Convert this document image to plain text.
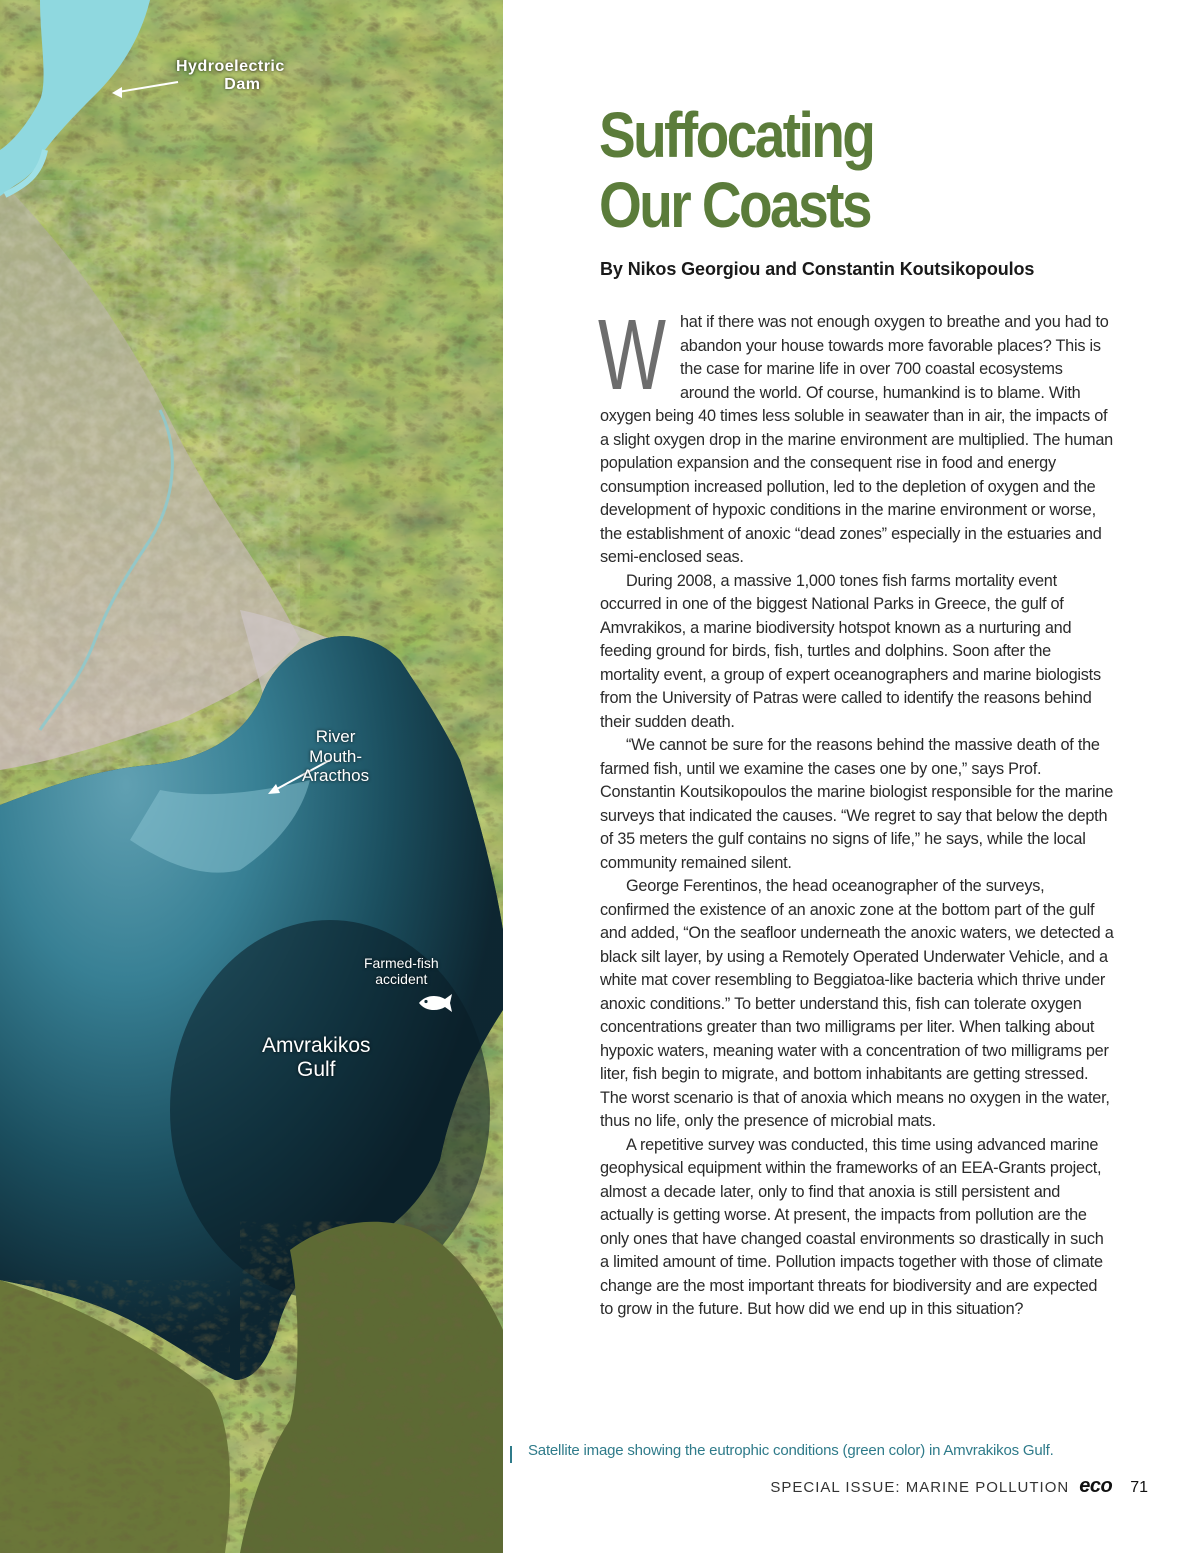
Hydroelectric
Dam
River
Mouth-
Aracthos
Farmed-fish
accident
Amvrakikos
Gulf
Suffocating
Our Coasts

By Nikos Georgiou and Constantin Koutsikopoulos

W hat if there was not enough oxygen to breathe and you had to abandon your house towards more favorable places? This is the case for marine life in over 700 coastal ecosystems around the world. Of course, humankind is to blame. With oxygen being 40 times less soluble in seawater than in air, the impacts of a slight oxygen drop in the marine environment are multiplied. The human population expansion and the consequent rise in food and energy consumption increased pollution, led to the depletion of oxygen and the development of hypoxic conditions in the marine environment or worse, the establishment of anoxic “dead zones” especially in the estuaries and semi-enclosed seas.

During 2008, a massive 1,000 tones fish farms mortality event occurred in one of the biggest National Parks in Greece, the gulf of Amvrakikos, a marine biodiversity hotspot known as a nurturing and feeding ground for birds, fish, turtles and dolphins. Soon after the mortality event, a group of expert oceanographers and marine biologists from the University of Patras were called to identify the reasons behind their sudden death.

“We cannot be sure for the reasons behind the massive death of the farmed fish, until we examine the cases one by one,” says Prof. Constantin Koutsikopoulos the marine biologist responsible for the marine surveys that indicated the causes. “We regret to say that below the depth of 35 meters the gulf contains no signs of life,” he says, while the local community remained silent.

George Ferentinos, the head oceanographer of the surveys, confirmed the existence of an anoxic zone at the bottom part of the gulf and added, “On the seafloor underneath the anoxic waters, we detected a black silt layer, by using a Remotely Operated Underwater Vehicle, and a white mat cover resembling to Beggiatoa-like bacteria which thrive under anoxic conditions.” To better understand this, fish can tolerate oxygen concentrations greater than two milligrams per liter. When talking about hypoxic waters, meaning water with a concentration of two milligrams per liter, fish begin to migrate, and bottom inhabitants are getting stressed. The worst scenario is that of anoxia which means no oxygen in the water, thus no life, only the presence of microbial mats.

A repetitive survey was conducted, this time using advanced marine geophysical equipment within the frameworks of an EEA-Grants project, almost a decade later, only to find that anoxia is still persistent and actually is getting worse. At present, the impacts from pollution are the only ones that have changed coastal environments so drastically in such a limited amount of time. Pollution impacts together with those of climate change are the most important threats for biodiversity and are expected to grow in the future. But how did we end up in this situation?

Satellite image showing the eutrophic conditions (green color) in Amvrakikos Gulf.

SPECIAL ISSUE: MARINE POLLUTION eco 71
